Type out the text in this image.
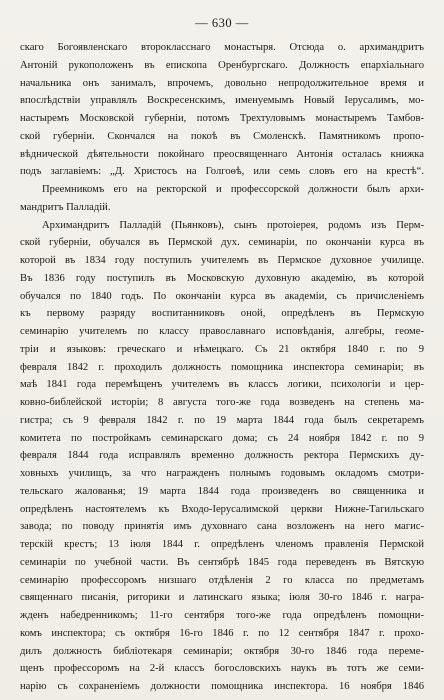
— 630 —
скаго Богоявленскаго второкласснаго монастыря. Отсюда о. архимандритъ
Антоній рукоположенъ въ епископа Оренбургскаго. Должность епархіальнаго
начальника онъ занималъ, впрочемъ, довольно непродолжительное время и
впослѣдствіи управлялъ Воскресенскимъ, именуемымъ Новый Іерусалимъ, мо-
настыремъ Московской губерніи, потомъ Трехтуловымъ монастыремъ Тамбов-
ской губерніи. Скончался на покоѣ въ Смоленскѣ. Памятникомъ пропо-
вѣднической дѣятельности покойнаго преосвященнаго Антонія осталась книжка
подъ заглавіемъ: „Д. Христосъ на Голгоѳѣ, или семь словъ его на крестѣ“.
Преемникомъ его на ректорской и профессорской должности былъ архи-
мандритъ Палладій.
Архимандритъ Палладій (Пьянковъ), сынъ протоіерея, родомъ изъ Перм-
ской губерніи, обучался въ Пермской дух. семинаріи, по окончаніи курса въ
которой въ 1834 году поступилъ учителемъ въ Пермское духовное училище.
Въ 1836 году поступилъ въ Московскую духовную академію, въ которой
обучался по 1840 годъ. По окончаніи курса въ академіи, съ причисленіемъ
къ первому разряду воспитанниковъ оной, опредѣленъ въ Пермскую
семинарію учителемъ по классу православнаго исповѣданія, алгебры, геоме-
тріи и языковъ: греческаго и нѣмецкаго. Съ 21 октября 1840 г. по 9
февраля 1842 г. проходилъ должность помощника инспектора семинаріи; въ
маѣ 1841 года перемѣщенъ учителемъ въ классъ логики, психологіи и цер-
ковно-библейской исторіи; 8 августа того-же года возведенъ на степень ма-
гистра; съ 9 февраля 1842 г. по 19 марта 1844 года былъ секретаремъ
комитета по постройкамъ семинарскаго дома; съ 24 ноября 1842 г. по 9
февраля 1844 года исправлялъ временно должность ректора Пермскихъ ду-
ховныхъ училищъ, за что награжденъ полнымъ годовымъ окладомъ смотри-
тельскаго жалованья; 19 марта 1844 года произведенъ во священника и
опредѣленъ настоятелемъ къ Входо-Іерусалимской церкви Нижне-Тагильскаго
завода; по поводу принятія имъ духовнаго сана возложенъ на него магис-
терскій крестъ; 13 іюля 1844 г. опредѣленъ членомъ правленія Пермской
семинаріи по учебной части. Въ сентябрѣ 1845 года переведенъ въ Вятскую
семинарію профессоромъ низшаго отдѣленія 2 го класса по предметамъ
священнаго писанія, риторики и латинскаго языка; іюля 30-го 1846 г. награ-
жденъ набедренникомъ; 11-го сентября того-же года опредѣленъ помощни-
комъ инспектора; съ октября 16-го 1846 г. по 12 сентября 1847 г. прохо-
дилъ должность библіотекаря семинаріи; октября 30-го 1846 года переме-
щенъ профессоромъ на 2-й классъ богословскихъ наукъ въ тотъ же семи-
нарію съ сохраненіемъ должности помощника инспектора. 16 ноября 1846
